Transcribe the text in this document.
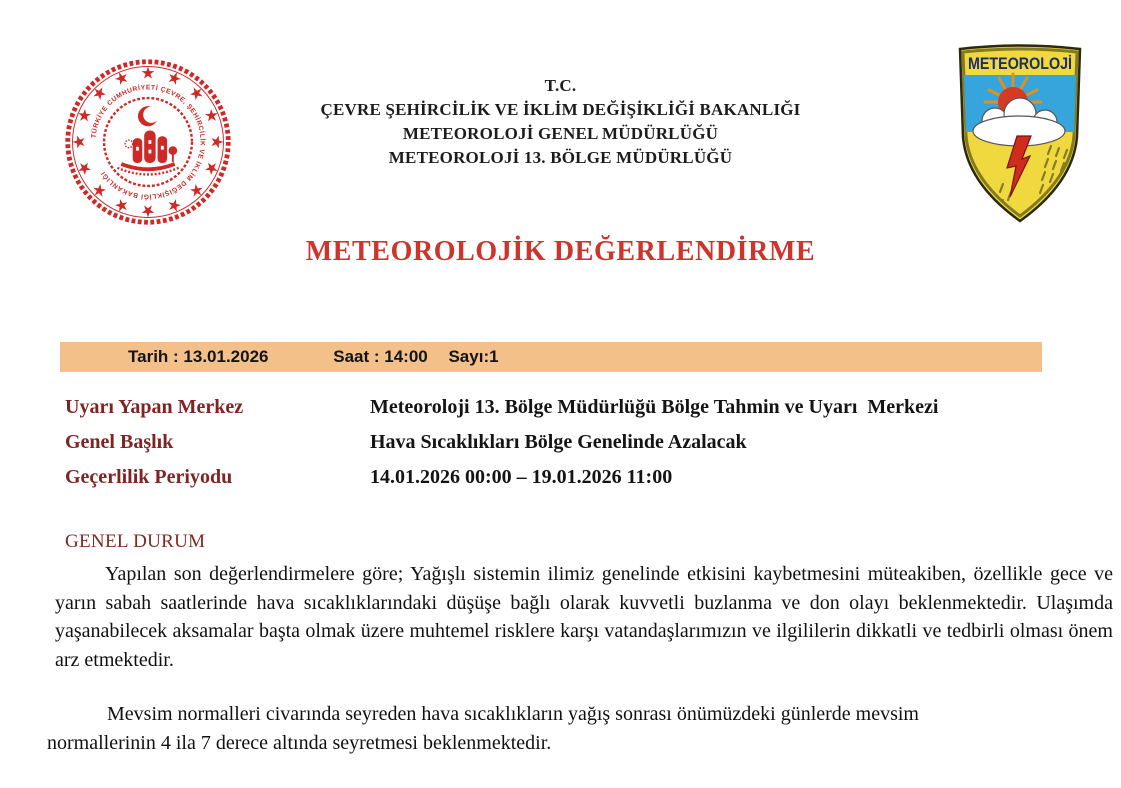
TÜRKİYE CUMHURİYETİ ÇEVRE, ŞEHİRCİLİK VE İKLİM DEĞİŞİKLİĞİ BAKANLIĞI
T.C.
ÇEVRE ŞEHİRCİLİK VE İKLİM DEĞİŞİKLİĞİ BAKANLIĞI
METEOROLOJİ GENEL MÜDÜRLÜĞÜ
METEOROLOJİ 13. BÖLGE MÜDÜRLÜĞÜ
METEOROLOJİ
METEOROLOJİK DEĞERLENDİRME
Tarih : 13.01.2026	Saat : 14:00 Sayı:1
Uyarı Yapan Merkez	Meteoroloji 13. Bölge Müdürlüğü Bölge Tahmin ve Uyarı  Merkezi
Genel Başlık	Hava Sıcaklıkları Bölge Genelinde Azalacak
Geçerlilik Periyodu	14.01.2026 00:00 – 19.01.2026 11:00
GENEL DURUM

Yapılan son değerlendirmelere göre; Yağışlı sistemin ilimiz genelinde etkisini kaybetmesini müteakiben, özellikle gece ve yarın sabah saatlerinde hava sıcaklıklarındaki düşüşe bağlı olarak kuvvetli buzlanma ve don olayı beklenmektedir. Ulaşımda yaşanabilecek aksamalar başta olmak üzere muhtemel risklere karşı vatandaşlarımızın ve ilgililerin dikkatli ve tedbirli olması önem arz etmektedir.

Mevsim normalleri civarında seyreden hava sıcaklıkların yağış sonrası önümüzdeki günlerde mevsim normallerinin 4 ila 7 derece altında seyretmesi beklenmektedir.
